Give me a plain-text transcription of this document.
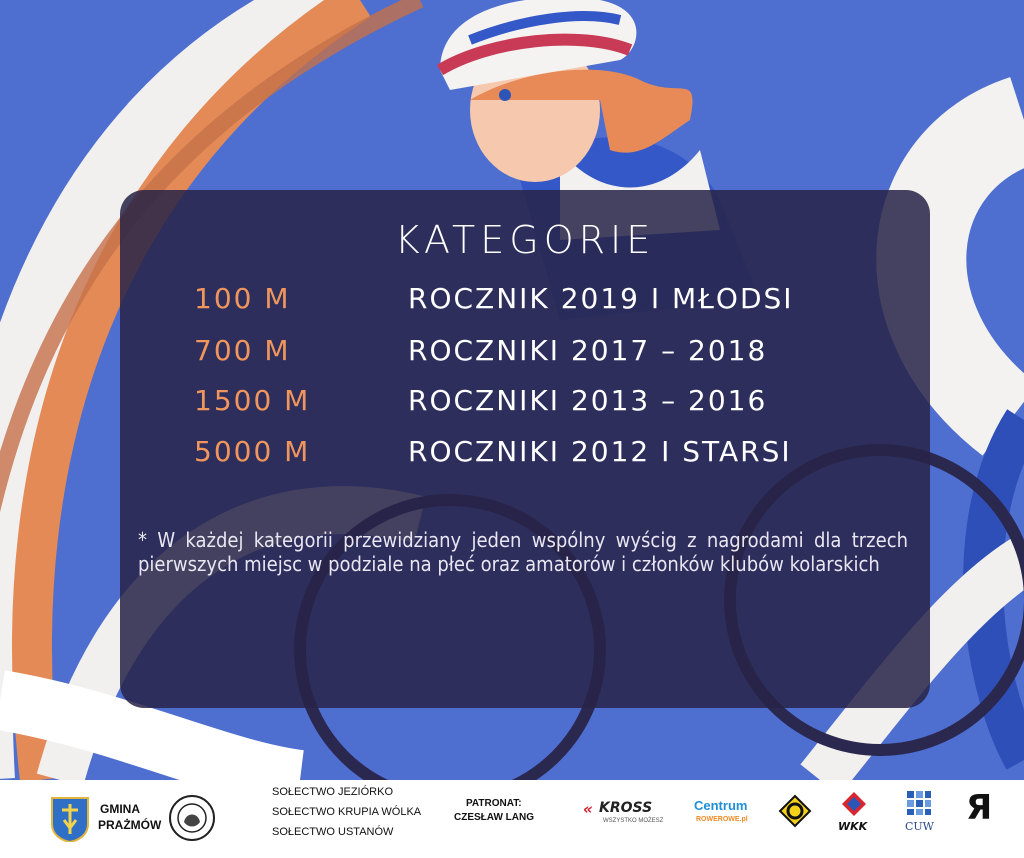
KATEGORIE
100 M	ROCZNIK 2019 I MŁODSI
700 M	ROCZNIKI 2017 – 2018
1500 M	ROCZNIKI 2013 – 2016
5000 M	ROCZNIKI 2012 I STARSI
* W każdej kategorii przewidziany jeden wspólny wyścig z nagrodami dla trzech pierwszych miejsc w podziale na płeć oraz amatorów i członków klubów kolarskich
GMINA
PRAŻMÓW
SOŁECTWO JEZIÓRKO
SOŁECTWO KRUPIA WÓLKA
SOŁECTWO USTANÓW
PATRONAT:
CZESŁAW LANG	« KROSS
WSZYSTKO MOŻESZ
Centrum
ROWEROWE.pl
WKK	CUW Я
